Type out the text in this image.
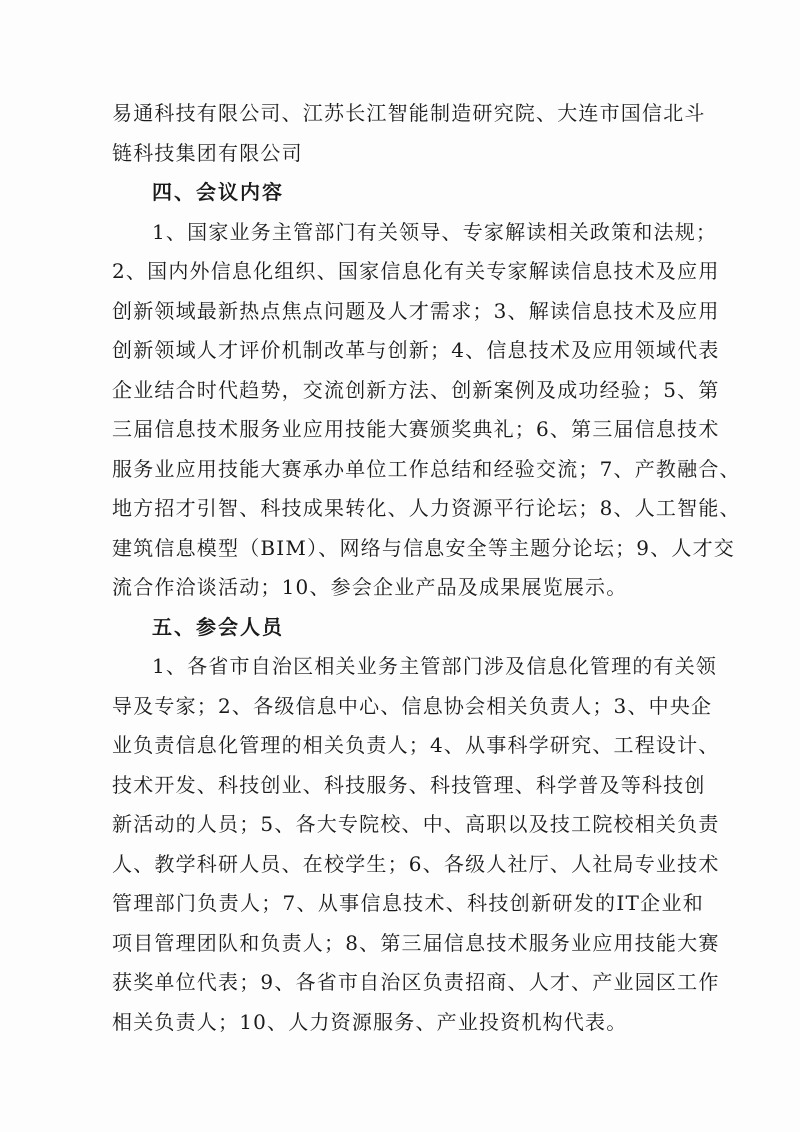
易通科技有限公司、江苏长江智能制造研究院、大连市国信北斗
链科技集团有限公司
四、会议内容
1、国家业务主管部门有关领导、专家解读相关政策和法规；
2、国内外信息化组织、国家信息化有关专家解读信息技术及应用
创新领域最新热点焦点问题及人才需求；3、解读信息技术及应用
创新领域人才评价机制改革与创新；4、信息技术及应用领域代表
企业结合时代趋势，交流创新方法、创新案例及成功经验；5、第
三届信息技术服务业应用技能大赛颁奖典礼；6、第三届信息技术
服务业应用技能大赛承办单位工作总结和经验交流；7、产教融合、
地方招才引智、科技成果转化、人力资源平行论坛；8、人工智能、
建筑信息模型（BIM）、网络与信息安全等主题分论坛；9、人才交
流合作洽谈活动；10、参会企业产品及成果展览展示。
五、参会人员
1、各省市自治区相关业务主管部门涉及信息化管理的有关领
导及专家；2、各级信息中心、信息协会相关负责人；3、中央企
业负责信息化管理的相关负责人；4、从事科学研究、工程设计、
技术开发、科技创业、科技服务、科技管理、科学普及等科技创
新活动的人员；5、各大专院校、中、高职以及技工院校相关负责
人、教学科研人员、在校学生；6、各级人社厅、人社局专业技术
管理部门负责人；7、从事信息技术、科技创新研发的IT企业和
项目管理团队和负责人；8、第三届信息技术服务业应用技能大赛
获奖单位代表；9、各省市自治区负责招商、人才、产业园区工作
相关负责人；10、人力资源服务、产业投资机构代表。
